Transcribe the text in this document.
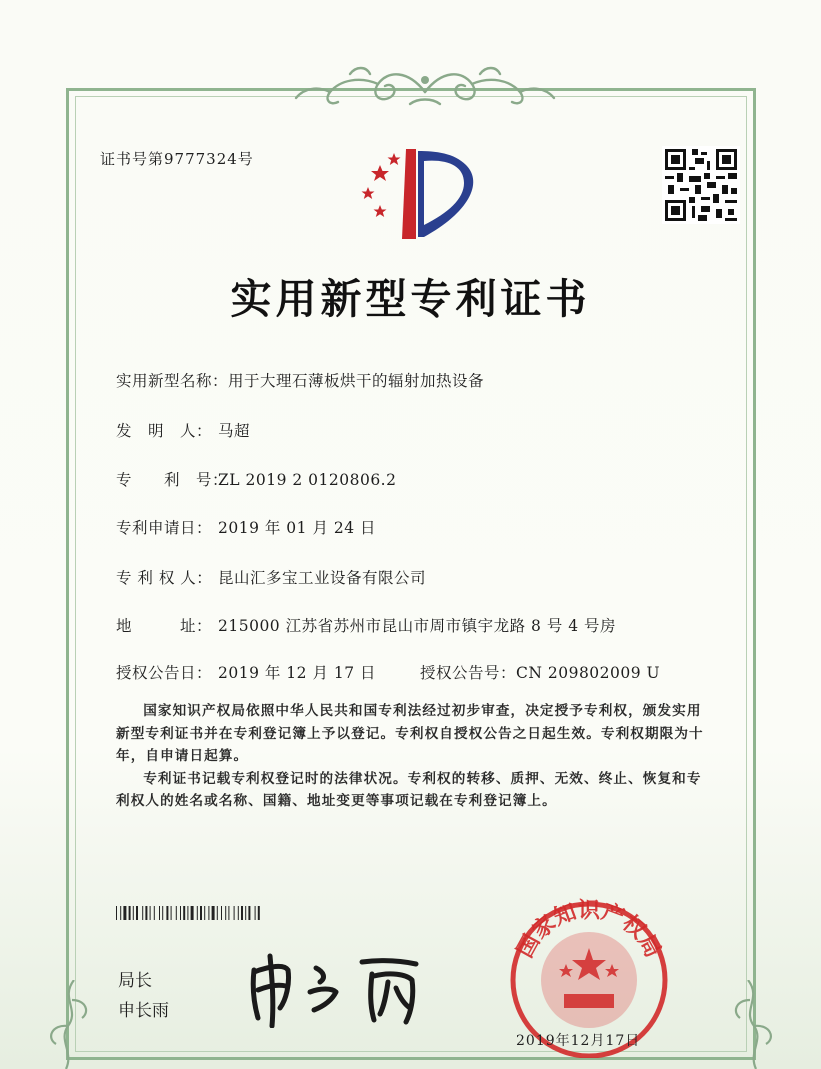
证书号第9777324号
实用新型专利证书
实用新型名称：用于大理石薄板烘干的辐射加热设备
发　明　人： 马超
专　　利　号：ZL 2019 2 0120806.2
专利申请日： 2019 年 01 月 24 日
专 利 权 人： 昆山汇多宝工业设备有限公司
地　　　址： 215000 江苏省苏州市昆山市周市镇宇龙路 8 号 4 号房
授权公告日： 2019 年 12 月 17 日	授权公告号：CN 209802009 U

国家知识产权局依照中华人民共和国专利法经过初步审查，决定授予专利权，颁发实用新型专利证书并在专利登记簿上予以登记。专利权自授权公告之日起生效。专利权期限为十年，自申请日起算。

专利证书记载专利权登记时的法律状况。专利权的转移、质押、无效、终止、恢复和专利权人的姓名或名称、国籍、地址变更等事项记载在专利登记簿上。

局长
申长雨
国家知识产权局
2019年12月17日
